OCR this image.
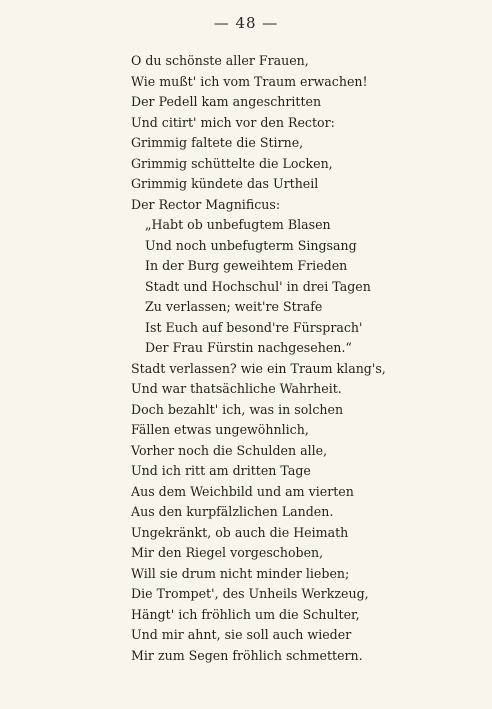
— 48 —
O du schönste aller Frauen,
Wie mußt' ich vom Traum erwachen!
Der Pedell kam angeschritten
Und citirt' mich vor den Rector:
Grimmig faltete die Stirne,
Grimmig schüttelte die Locken,
Grimmig kündete das Urtheil
Der Rector Magnificus:
„Habt ob unbefugtem Blasen
Und noch unbefugterm Singsang
In der Burg geweihtem Frieden
Stadt und Hochschul' in drei Tagen
Zu verlassen; weit're Strafe
Ist Euch auf besond're Fürsprach'
Der Frau Fürstin nachgesehen.“
Stadt verlassen? wie ein Traum klang's,
Und war thatsächliche Wahrheit.
Doch bezahlt' ich, was in solchen
Fällen etwas ungewöhnlich,
Vorher noch die Schulden alle,
Und ich ritt am dritten Tage
Aus dem Weichbild und am vierten
Aus den kurpfälzlichen Landen.
Ungekränkt, ob auch die Heimath
Mir den Riegel vorgeschoben,
Will sie drum nicht minder lieben;
Die Trompet', des Unheils Werkzeug,
Hängt' ich fröhlich um die Schulter,
Und mir ahnt, sie soll auch wieder
Mir zum Segen fröhlich schmettern.
